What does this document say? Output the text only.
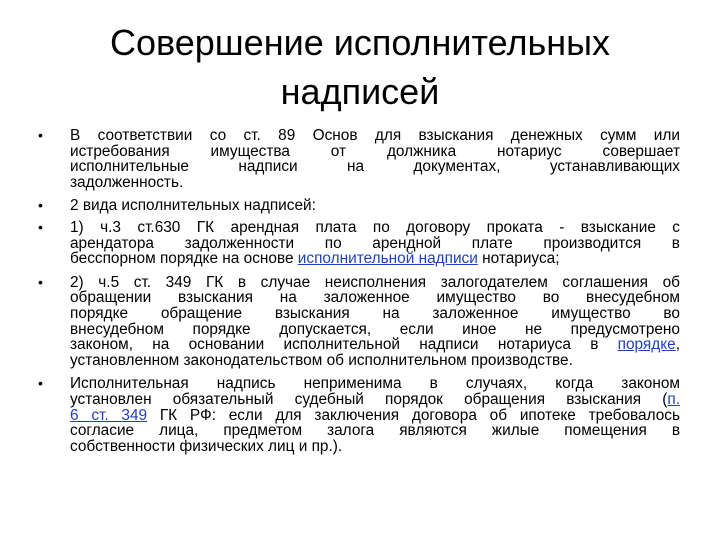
Совершение исполнительных
надписей
• В соответствии со ст. 89 Основ для взыскания денежных сумм или
истребования имущества от должника нотариус совершает
исполнительные надписи на документах, устанавливающих
задолженность.
• 2 вида исполнительных надписей:
• 1) ч.3 ст.630 ГК арендная плата по договору проката - взыскание с
арендатора задолженности по арендной плате производится в
бесспорном порядке на основе исполнительной надписи нотариуса;
• 2) ч.5 ст. 349 ГК в случае неисполнения залогодателем соглашения об
обращении взыскания на заложенное имущество во внесудебном
порядке обращение взыскания на заложенное имущество во
внесудебном порядке допускается, если иное не предусмотрено
законом, на основании исполнительной надписи нотариуса в порядке,
установленном законодательством об исполнительном производстве.
• Исполнительная надпись неприменима в случаях, когда законом
установлен обязательный судебный порядок обращения взыскания (п.
6 ст. 349 ГК РФ: если для заключения договора об ипотеке требовалось
согласие лица, предметом залога являются жилые помещения в
собственности физических лиц и пр.).
